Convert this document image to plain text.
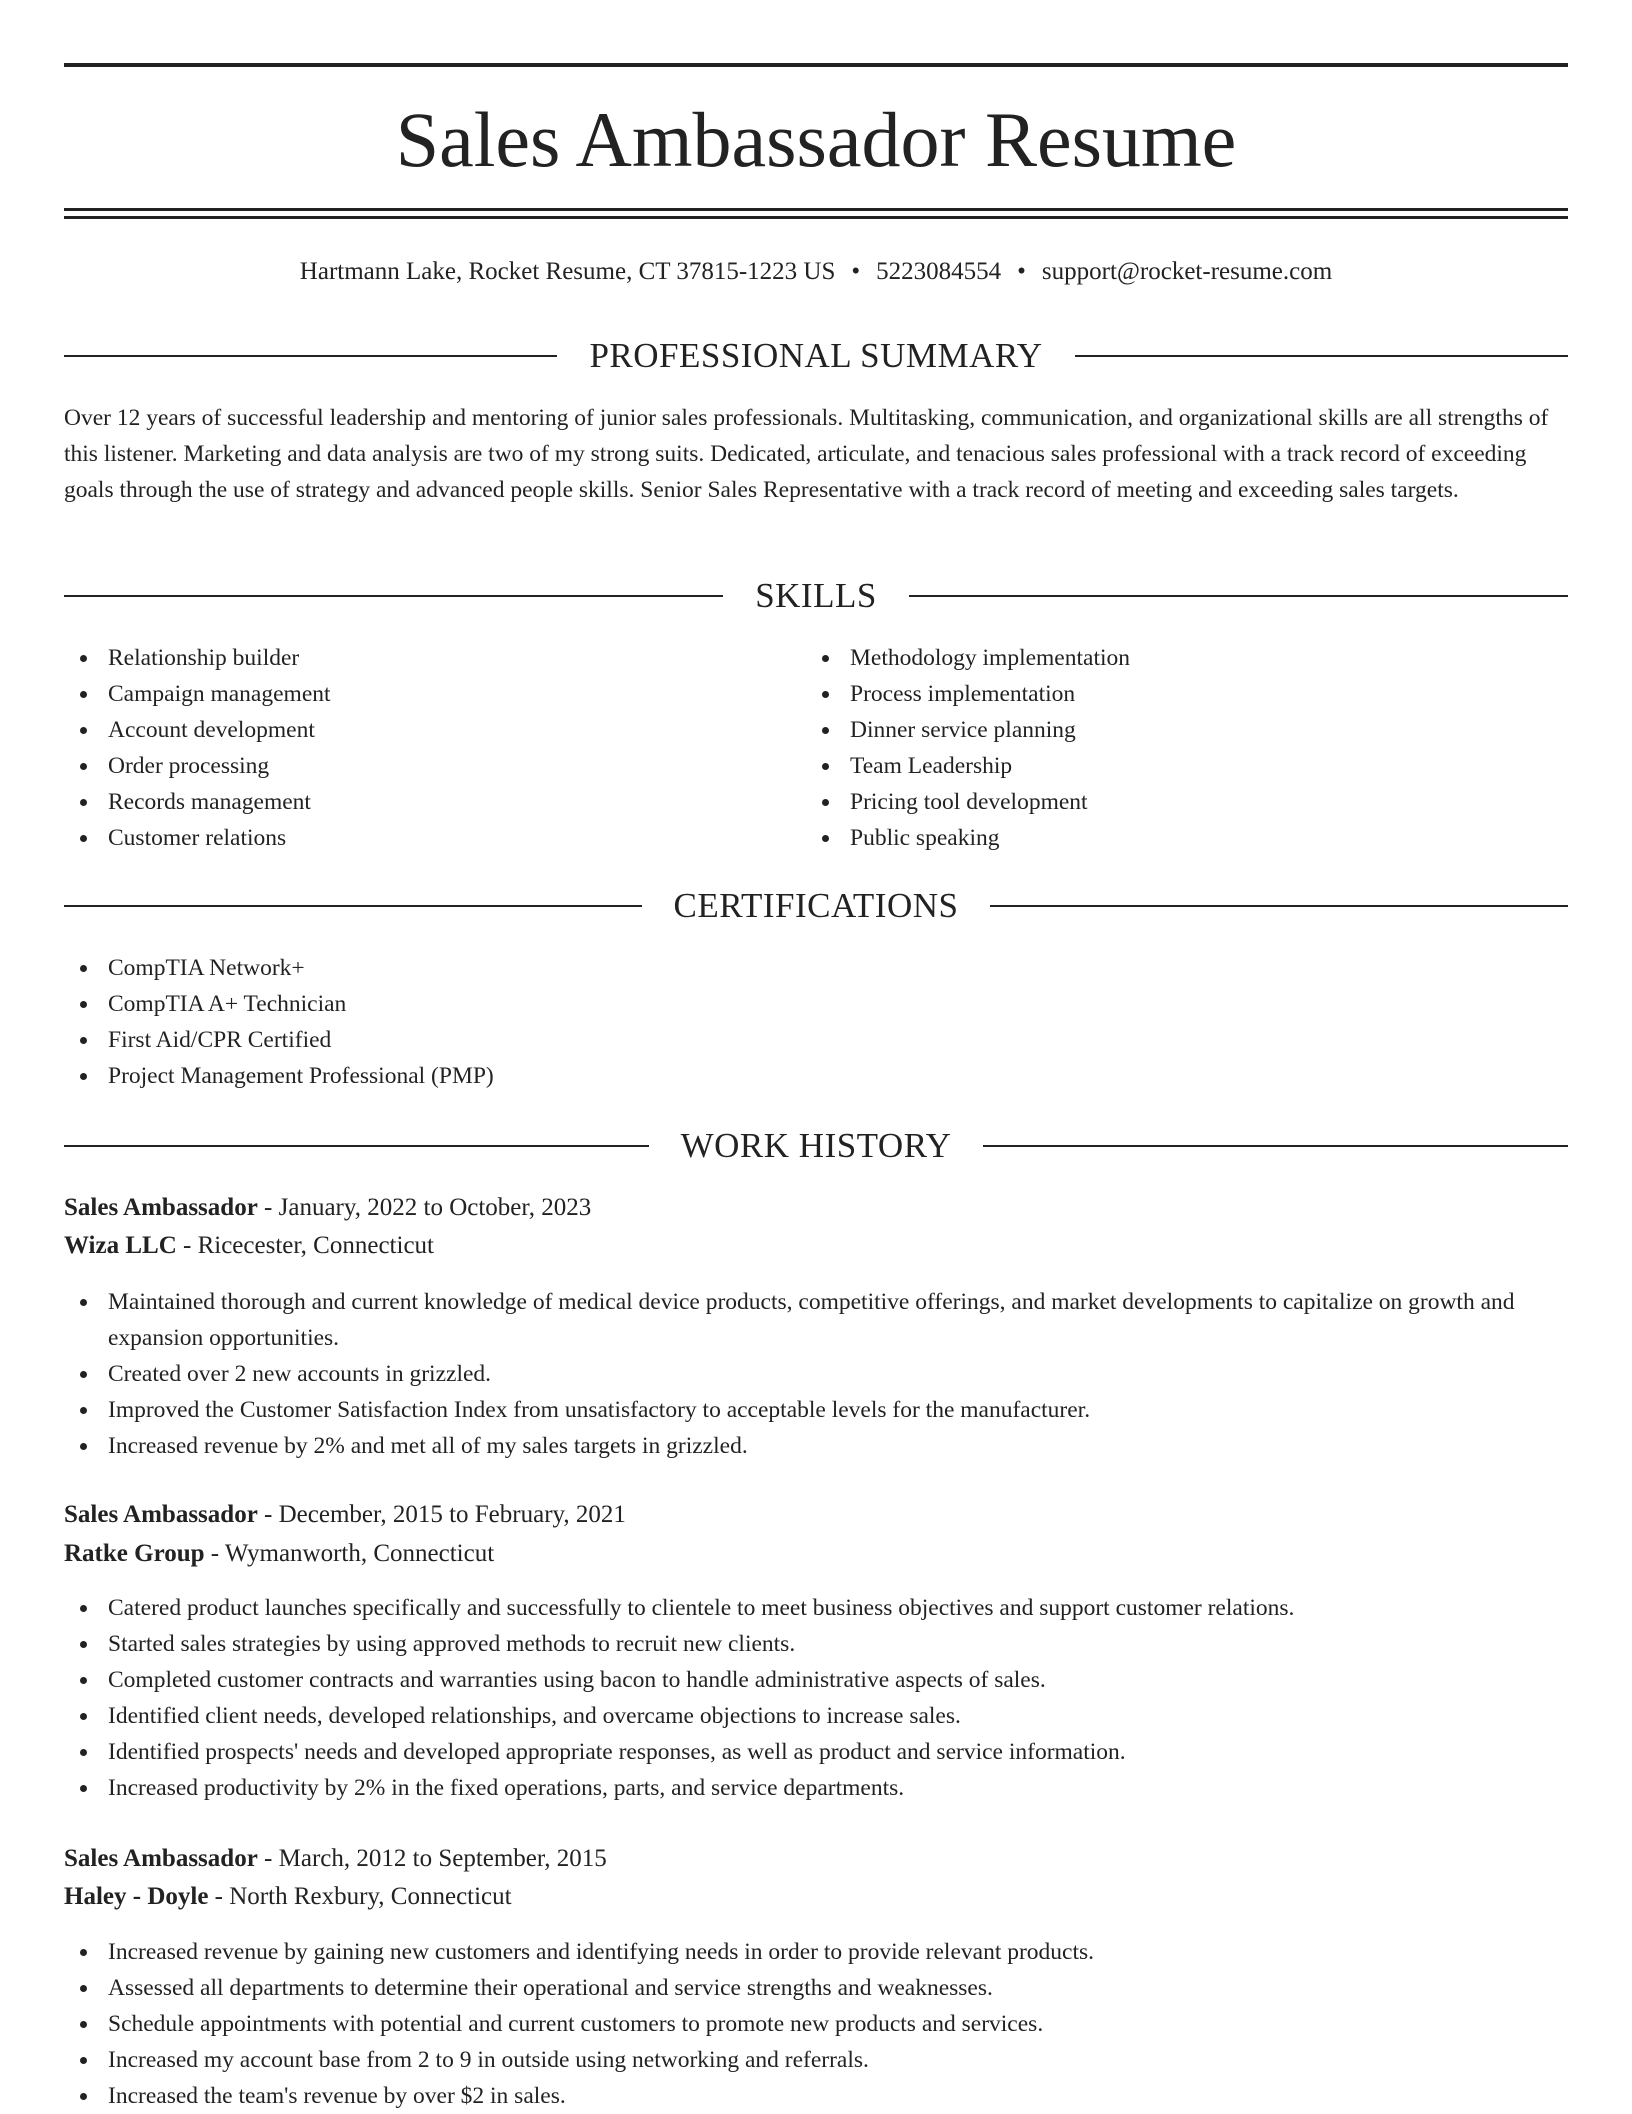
Sales Ambassador Resume
Hartmann Lake, Rocket Resume, CT 37815-1223 US • 5223084554 • support@rocket-resume.com
PROFESSIONAL SUMMARY
Over 12 years of successful leadership and mentoring of junior sales professionals. Multitasking, communication, and organizational skills are all strengths of this listener. Marketing and data analysis are two of my strong suits. Dedicated, articulate, and tenacious sales professional with a track record of exceeding goals through the use of strategy and advanced people skills. Senior Sales Representative with a track record of meeting and exceeding sales targets.
SKILLS
Relationship builder
Campaign management
Account development
Order processing
Records management
Customer relations
Methodology implementation
Process implementation
Dinner service planning
Team Leadership
Pricing tool development
Public speaking
CERTIFICATIONS
CompTIA Network+
CompTIA A+ Technician
First Aid/CPR Certified
Project Management Professional (PMP)
WORK HISTORY
Sales Ambassador - January, 2022 to October, 2023
Wiza LLC - Ricecester, Connecticut
Maintained thorough and current knowledge of medical device products, competitive offerings, and market developments to capitalize on growth and expansion opportunities.
Created over 2 new accounts in grizzled.
Improved the Customer Satisfaction Index from unsatisfactory to acceptable levels for the manufacturer.
Increased revenue by 2% and met all of my sales targets in grizzled.
Sales Ambassador - December, 2015 to February, 2021
Ratke Group - Wymanworth, Connecticut
Catered product launches specifically and successfully to clientele to meet business objectives and support customer relations.
Started sales strategies by using approved methods to recruit new clients.
Completed customer contracts and warranties using bacon to handle administrative aspects of sales.
Identified client needs, developed relationships, and overcame objections to increase sales.
Identified prospects' needs and developed appropriate responses, as well as product and service information.
Increased productivity by 2% in the fixed operations, parts, and service departments.
Sales Ambassador - March, 2012 to September, 2015
Haley - Doyle - North Rexbury, Connecticut
Increased revenue by gaining new customers and identifying needs in order to provide relevant products.
Assessed all departments to determine their operational and service strengths and weaknesses.
Schedule appointments with potential and current customers to promote new products and services.
Increased my account base from 2 to 9 in outside using networking and referrals.
Increased the team's revenue by over $2 in sales.
